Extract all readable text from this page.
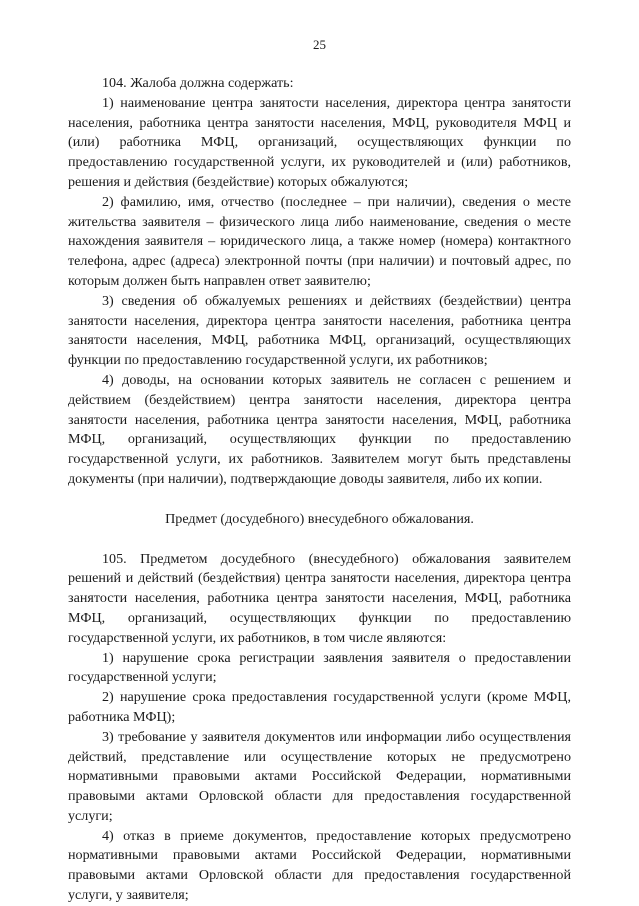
25

104. Жалоба должна содержать:

1) наименование центра занятости населения, директора центра занятости населения, работника центра занятости населения, МФЦ, руководителя МФЦ и (или) работника МФЦ, организаций, осуществляющих функции по предоставлению государственной услуги, их руководителей и (или) работников, решения и действия (бездействие) которых обжалуются;

2) фамилию, имя, отчество (последнее – при наличии), сведения о месте жительства заявителя – физического лица либо наименование, сведения о месте нахождения заявителя – юридического лица, а также номер (номера) контактного телефона, адрес (адреса) электронной почты (при наличии) и почтовый адрес, по которым должен быть направлен ответ заявителю;

3) сведения об обжалуемых решениях и действиях (бездействии) центра занятости населения, директора центра занятости населения, работника центра занятости населения, МФЦ, работника МФЦ, организаций, осуществляющих функции по предоставлению государственной услуги, их работников;

4) доводы, на основании которых заявитель не согласен с решением и действием (бездействием) центра занятости населения, директора центра занятости населения, работника центра занятости населения, МФЦ, работника МФЦ, организаций, осуществляющих функции по предоставлению государственной услуги, их работников. Заявителем могут быть представлены документы (при наличии), подтверждающие доводы заявителя, либо их копии.

Предмет (досудебного) внесудебного обжалования.

105. Предметом досудебного (внесудебного) обжалования заявителем решений и действий (бездействия) центра занятости населения, директора центра занятости населения, работника центра занятости населения, МФЦ, работника МФЦ, организаций, осуществляющих функции по предоставлению государственной услуги, их работников, в том числе являются:

1) нарушение срока регистрации заявления заявителя о предоставлении государственной услуги;

2) нарушение срока предоставления государственной услуги (кроме МФЦ, работника МФЦ);

3) требование у заявителя документов или информации либо осуществления действий, представление или осуществление которых не предусмотрено нормативными правовыми актами Российской Федерации, нормативными правовыми актами Орловской области для предоставления государственной услуги;

4) отказ в приеме документов, предоставление которых предусмотрено нормативными правовыми актами Российской Федерации, нормативными правовыми актами Орловской области для предоставления государственной услуги, у заявителя;
